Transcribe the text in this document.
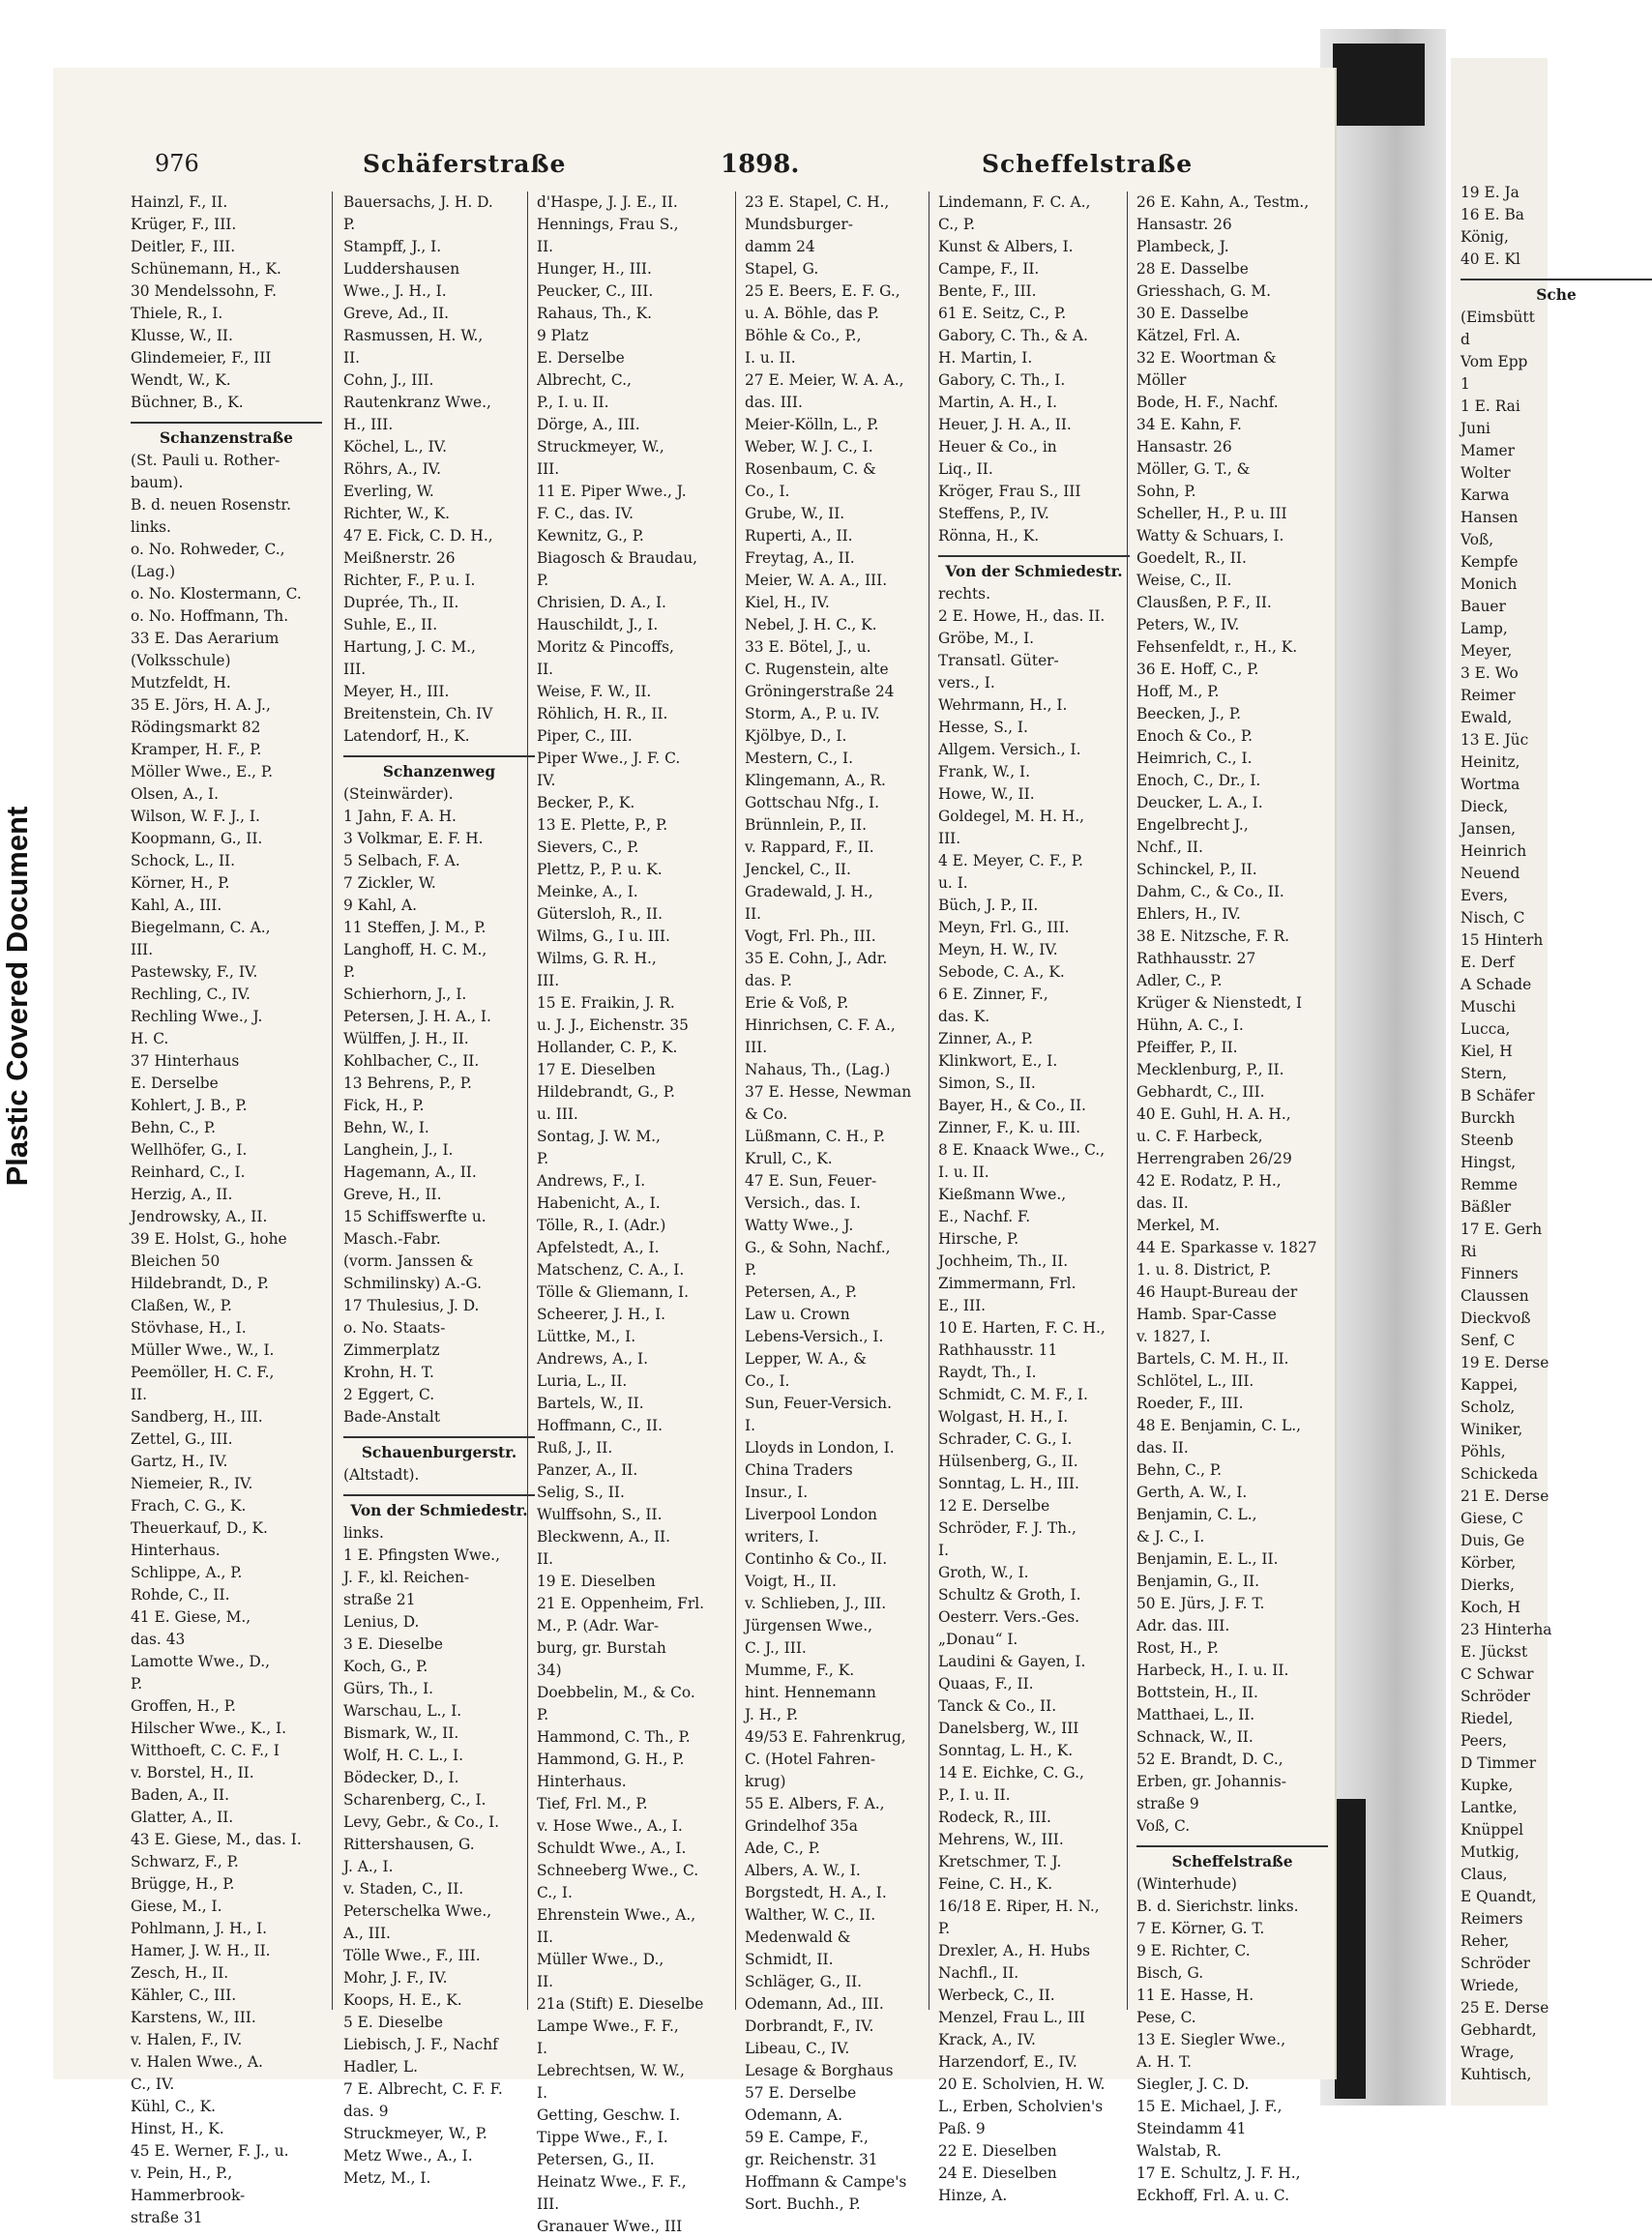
Plastic Covered Document
976	Schäferstraße	1898.	Scheffelstraße
Hainzl, F., II.
Krüger, F., III.
Deitler, F., III.
Schünemann, H., K.
30 Mendelssohn, F.
Thiele, R., I.
Klusse, W., II.
Glindemeier, F., III
Wendt, W., K.
Büchner, B., K.
Schanzenstraße
(St. Pauli u. Rother-
baum).
B. d. neuen Rosenstr.
links.
o. No. Rohweder, C.,
(Lag.)
o. No. Klostermann, C.
o. No. Hoffmann, Th.
33 E. Das Aerarium
(Volksschule)
Mutzfeldt, H.
35 E. Jörs, H. A. J.,
Rödingsmarkt 82
Kramper, H. F., P.
Möller Wwe., E., P.
Olsen, A., I.
Wilson, W. F. J., I.
Koopmann, G., II.
Schock, L., II.
Körner, H., P.
Kahl, A., III.
Biegelmann, C. A.,
III.
Pastewsky, F., IV.
Rechling, C., IV.
Rechling Wwe., J.
H. C.
37 Hinterhaus
E. Derselbe
Kohlert, J. B., P.
Behn, C., P.
Wellhöfer, G., I.
Reinhard, C., I.
Herzig, A., II.
Jendrowsky, A., II.
39 E. Holst, G., hohe
Bleichen 50
Hildebrandt, D., P.
Claßen, W., P.
Stövhase, H., I.
Müller Wwe., W., I.
Peemöller, H. C. F.,
II.
Sandberg, H., III.
Zettel, G., III.
Gartz, H., IV.
Niemeier, R., IV.
Frach, C. G., K.
Theuerkauf, D., K.
Hinterhaus.
Schlippe, A., P.
Rohde, C., II.
41 E. Giese, M.,
das. 43
Lamotte Wwe., D.,
P.
Groffen, H., P.
Hilscher Wwe., K., I.
Witthoeft, C. C. F., I
v. Borstel, H., II.
Baden, A., II.
Glatter, A., II.
43 E. Giese, M., das. I.
Schwarz, F., P.
Brügge, H., P.
Giese, M., I.
Pohlmann, J. H., I.
Hamer, J. W. H., II.
Zesch, H., II.
Kähler, C., III.
Karstens, W., III.
v. Halen, F., IV.
v. Halen Wwe., A.
C., IV.
Kühl, C., K.
Hinst, H., K.
45 E. Werner, F. J., u.
v. Pein, H., P.,
Hammerbrook-
straße 31
Bauersachs, J. H. D.
P.
Stampff, J., I.
Luddershausen
Wwe., J. H., I.
Greve, Ad., II.
Rasmussen, H. W.,
II.
Cohn, J., III.
Rautenkranz Wwe.,
H., III.
Köchel, L., IV.
Röhrs, A., IV.
Everling, W.
Richter, W., K.
47 E. Fick, C. D. H.,
Meißnerstr. 26
Richter, F., P. u. I.
Duprée, Th., II.
Suhle, E., II.
Hartung, J. C. M.,
III.
Meyer, H., III.
Breitenstein, Ch. IV
Latendorf, H., K.
Schanzenweg
(Steinwärder).
1 Jahn, F. A. H.
3 Volkmar, E. F. H.
5 Selbach, F. A.
7 Zickler, W.
9 Kahl, A.
11 Steffen, J. M., P.
Langhoff, H. C. M.,
P.
Schierhorn, J., I.
Petersen, J. H. A., I.
Wülffen, J. H., II.
Kohlbacher, C., II.
13 Behrens, P., P.
Fick, H., P.
Behn, W., I.
Langhein, J., I.
Hagemann, A., II.
Greve, H., II.
15 Schiffswerfte u.
Masch.-Fabr.
(vorm. Janssen &
Schmilinsky) A.-G.
17 Thulesius, J. D.
o. No. Staats-
Zimmerplatz
Krohn, H. T.
2 Eggert, C.
Bade-Anstalt
Schauenburgerstr.
(Altstadt).
Von der Schmiedestr.
links.
1 E. Pfingsten Wwe.,
J. F., kl. Reichen-
straße 21
Lenius, D.
3 E. Dieselbe
Koch, G., P.
Gürs, Th., I.
Warschau, L., I.
Bismark, W., II.
Wolf, H. C. L., I.
Bödecker, D., I.
Scharenberg, C., I.
Levy, Gebr., & Co., I.
Rittershausen, G.
J. A., I.
v. Staden, C., II.
Peterschelka Wwe.,
A., III.
Tölle Wwe., F., III.
Mohr, J. F., IV.
Koops, H. E., K.
5 E. Dieselbe
Liebisch, J. F., Nachf
Hadler, L.
7 E. Albrecht, C. F. F.
das. 9
Struckmeyer, W., P.
Metz Wwe., A., I.
Metz, M., I.
d'Haspe, J. J. E., II.
Hennings, Frau S.,
II.
Hunger, H., III.
Peucker, C., III.
Rahaus, Th., K.
9 Platz
E. Derselbe
Albrecht, C.,
P., I. u. II.
Dörge, A., III.
Struckmeyer, W.,
III.
11 E. Piper Wwe., J.
F. C., das. IV.
Kewnitz, G., P.
Biagosch & Braudau,
P.
Chrisien, D. A., I.
Hauschildt, J., I.
Moritz & Pincoffs,
II.
Weise, F. W., II.
Röhlich, H. R., II.
Piper, C., III.
Piper Wwe., J. F. C.
IV.
Becker, P., K.
13 E. Plette, P., P.
Sievers, C., P.
Plettz, P., P. u. K.
Meinke, A., I.
Gütersloh, R., II.
Wilms, G., I u. III.
Wilms, G. R. H.,
III.
15 E. Fraikin, J. R.
u. J. J., Eichenstr. 35
Hollander, C. P., K.
17 E. Dieselben
Hildebrandt, G., P.
u. III.
Sontag, J. W. M.,
P.
Andrews, F., I.
Habenicht, A., I.
Tölle, R., I. (Adr.)
Apfelstedt, A., I.
Matschenz, C. A., I.
Tölle & Gliemann, I.
Scheerer, J. H., I.
Lüttke, M., I.
Andrews, A., I.
Luria, L., II.
Bartels, W., II.
Hoffmann, C., II.
Ruß, J., II.
Panzer, A., II.
Selig, S., II.
Wulffsohn, S., II.
Bleckwenn, A., II.
II.
19 E. Dieselben
21 E. Oppenheim, Frl.
M., P. (Adr. War-
burg, gr. Burstah
34)
Doebbelin, M., & Co.
P.
Hammond, C. Th., P.
Hammond, G. H., P.
Hinterhaus.
Tief, Frl. M., P.
v. Hose Wwe., A., I.
Schuldt Wwe., A., I.
Schneeberg Wwe., C.
C., I.
Ehrenstein Wwe., A.,
II.
Müller Wwe., D.,
II.
21a (Stift) E. Dieselbe
Lampe Wwe., F. F.,
I.
Lebrechtsen, W. W.,
I.
Getting, Geschw. I.
Tippe Wwe., F., I.
Petersen, G., II.
Heinatz Wwe., F. F.,
III.
Granauer Wwe., III
23 E. Stapel, C. H.,
Mundsburger-
damm 24
Stapel, G.
25 E. Beers, E. F. G.,
u. A. Böhle, das P.
Böhle & Co., P.,
I. u. II.
27 E. Meier, W. A. A.,
das. III.
Meier-Kölln, L., P.
Weber, W. J. C., I.
Rosenbaum, C. &
Co., I.
Grube, W., II.
Ruperti, A., II.
Freytag, A., II.
Meier, W. A. A., III.
Kiel, H., IV.
Nebel, J. H. C., K.
33 E. Bötel, J., u.
C. Rugenstein, alte
Gröningerstraße 24
Storm, A., P. u. IV.
Kjölbye, D., I.
Mestern, C., I.
Klingemann, A., R.
Gottschau Nfg., I.
Brünnlein, P., II.
v. Rappard, F., II.
Jenckel, C., II.
Gradewald, J. H.,
II.
Vogt, Frl. Ph., III.
35 E. Cohn, J., Adr.
das. P.
Erie & Voß, P.
Hinrichsen, C. F. A.,
III.
Nahaus, Th., (Lag.)
37 E. Hesse, Newman
& Co.
Lüßmann, C. H., P.
Krull, C., K.
47 E. Sun, Feuer-
Versich., das. I.
Watty Wwe., J.
G., & Sohn, Nachf.,
P.
Petersen, A., P.
Law u. Crown
Lebens-Versich., I.
Lepper, W. A., &
Co., I.
Sun, Feuer-Versich.
I.
Lloyds in London, I.
China Traders
Insur., I.
Liverpool London
writers, I.
Continho & Co., II.
Voigt, H., II.
v. Schlieben, J., III.
Jürgensen Wwe.,
C. J., III.
Mumme, F., K.
hint. Hennemann
J. H., P.
49/53 E. Fahrenkrug,
C. (Hotel Fahren-
krug)
55 E. Albers, F. A.,
Grindelhof 35a
Ade, C., P.
Albers, A. W., I.
Borgstedt, H. A., I.
Walther, W. C., II.
Medenwald &
Schmidt, II.
Schläger, G., II.
Odemann, Ad., III.
Dorbrandt, F., IV.
Libeau, C., IV.
Lesage & Borghaus
57 E. Derselbe
Odemann, A.
59 E. Campe, F.,
gr. Reichenstr. 31
Hoffmann & Campe's
Sort. Buchh., P.
Lindemann, F. C. A.,
C., P.
Kunst & Albers, I.
Campe, F., II.
Bente, F., III.
61 E. Seitz, C., P.
Gabory, C. Th., & A.
H. Martin, I.
Gabory, C. Th., I.
Martin, A. H., I.
Heuer, J. H. A., II.
Heuer & Co., in
Liq., II.
Kröger, Frau S., III
Steffens, P., IV.
Rönna, H., K.
Von der Schmiedestr.
rechts.
2 E. Howe, H., das. II.
Gröbe, M., I.
Transatl. Güter-
vers., I.
Wehrmann, H., I.
Hesse, S., I.
Allgem. Versich., I.
Frank, W., I.
Howe, W., II.
Goldegel, M. H. H.,
III.
4 E. Meyer, C. F., P.
u. I.
Büch, J. P., II.
Meyn, Frl. G., III.
Meyn, H. W., IV.
Sebode, C. A., K.
6 E. Zinner, F.,
das. K.
Zinner, A., P.
Klinkwort, E., I.
Simon, S., II.
Bayer, H., & Co., II.
Zinner, F., K. u. III.
8 E. Knaack Wwe., C.,
I. u. II.
Kießmann Wwe.,
E., Nachf. F.
Hirsche, P.
Jochheim, Th., II.
Zimmermann, Frl.
E., III.
10 E. Harten, F. C. H.,
Rathhausstr. 11
Raydt, Th., I.
Schmidt, C. M. F., I.
Wolgast, H. H., I.
Schrader, C. G., I.
Hülsenberg, G., II.
Sonntag, L. H., III.
12 E. Derselbe
Schröder, F. J. Th.,
I.
Groth, W., I.
Schultz & Groth, I.
Oesterr. Vers.-Ges.
„Donau“ I.
Laudini & Gayen, I.
Quaas, F., II.
Tanck & Co., II.
Danelsberg, W., III
Sonntag, L. H., K.
14 E. Eichke, C. G.,
P., I. u. II.
Rodeck, R., III.
Mehrens, W., III.
Kretschmer, T. J.
Feine, C. H., K.
16/18 E. Riper, H. N.,
P.
Drexler, A., H. Hubs
Nachfl., II.
Werbeck, C., II.
Menzel, Frau L., III
Krack, A., IV.
Harzendorf, E., IV.
20 E. Scholvien, H. W.
L., Erben, Scholvien's
Paß. 9
22 E. Dieselben
24 E. Dieselben
Hinze, A.
26 E. Kahn, A., Testm.,
Hansastr. 26
Plambeck, J.
28 E. Dasselbe
Griesshach, G. M.
30 E. Dasselbe
Kätzel, Frl. A.
32 E. Woortman &
Möller
Bode, H. F., Nachf.
34 E. Kahn, F.
Hansastr. 26
Möller, G. T., &
Sohn, P.
Scheller, H., P. u. III
Watty & Schuars, I.
Goedelt, R., II.
Weise, C., II.
Clausßen, P. F., II.
Peters, W., IV.
Fehsenfeldt, r., H., K.
36 E. Hoff, C., P.
Hoff, M., P.
Beecken, J., P.
Enoch & Co., P.
Heimrich, C., I.
Enoch, C., Dr., I.
Deucker, L. A., I.
Engelbrecht J.,
Nchf., II.
Schinckel, P., II.
Dahm, C., & Co., II.
Ehlers, H., IV.
38 E. Nitzsche, F. R.
Rathhausstr. 27
Adler, C., P.
Krüger & Nienstedt, I
Hühn, A. C., I.
Pfeiffer, P., II.
Mecklenburg, P., II.
Gebhardt, C., III.
40 E. Guhl, H. A. H.,
u. C. F. Harbeck,
Herrengraben 26/29
42 E. Rodatz, P. H.,
das. II.
Merkel, M.
44 E. Sparkasse v. 1827
1. u. 8. District, P.
46 Haupt-Bureau der
Hamb. Spar-Casse
v. 1827, I.
Bartels, C. M. H., II.
Schlötel, L., III.
Roeder, F., III.
48 E. Benjamin, C. L.,
das. II.
Behn, C., P.
Gerth, A. W., I.
Benjamin, C. L.,
& J. C., I.
Benjamin, E. L., II.
Benjamin, G., II.
50 E. Jürs, J. F. T.
Adr. das. III.
Rost, H., P.
Harbeck, H., I. u. II.
Bottstein, H., II.
Matthaei, L., II.
Schnack, W., II.
52 E. Brandt, D. C.,
Erben, gr. Johannis-
straße 9
Voß, C.
Scheffelstraße
(Winterhude)
B. d. Sierichstr. links.
7 E. Körner, G. T.
9 E. Richter, C.
Bisch, G.
11 E. Hasse, H.
Pese, C.
13 E. Siegler Wwe.,
A. H. T.
Siegler, J. C. D.
15 E. Michael, J. F.,
Steindamm 41
Walstab, R.
17 E. Schultz, J. F. H.,
Eckhoff, Frl. A. u. C.
19 E. Ja
16 E. Ba
König,
40 E. Kl
Sche
(Eimsbütt
d
Vom Epp
1
1 E. Rai
Juni
Mamer
Wolter
Karwa
Hansen
Voß,
Kempfe
Monich
Bauer
Lamp,
Meyer,
3 E. Wo
Reimer
Ewald,
13 E. Jüc
Heinitz,
Wortma
Dieck,
Jansen,
Heinrich
Neuend
Evers,
Nisch, C
15 Hinterh
E. Derf
A Schade
Muschi
Lucca,
Kiel, H
Stern,
B Schäfer
Burckh
Steenb
Hingst,
Remme
Bäßler
17 E. Gerh
Ri
Finners
Claussen
Dieckvoß
Senf, C
19 E. Derse
Kappei,
Scholz,
Winiker,
Pöhls,
Schickeda
21 E. Derse
Giese, C
Duis, Ge
Körber,
Dierks,
Koch, H
23 Hinterha
E. Jückst
C Schwar
Schröder
Riedel,
Peers,
D Timmer
Kupke,
Lantke,
Knüppel
Mutkig,
Claus,
E Quandt,
Reimers
Reher,
Schröder
Wriede,
25 E. Derse
Gebhardt,
Wrage,
Kuhtisch,
